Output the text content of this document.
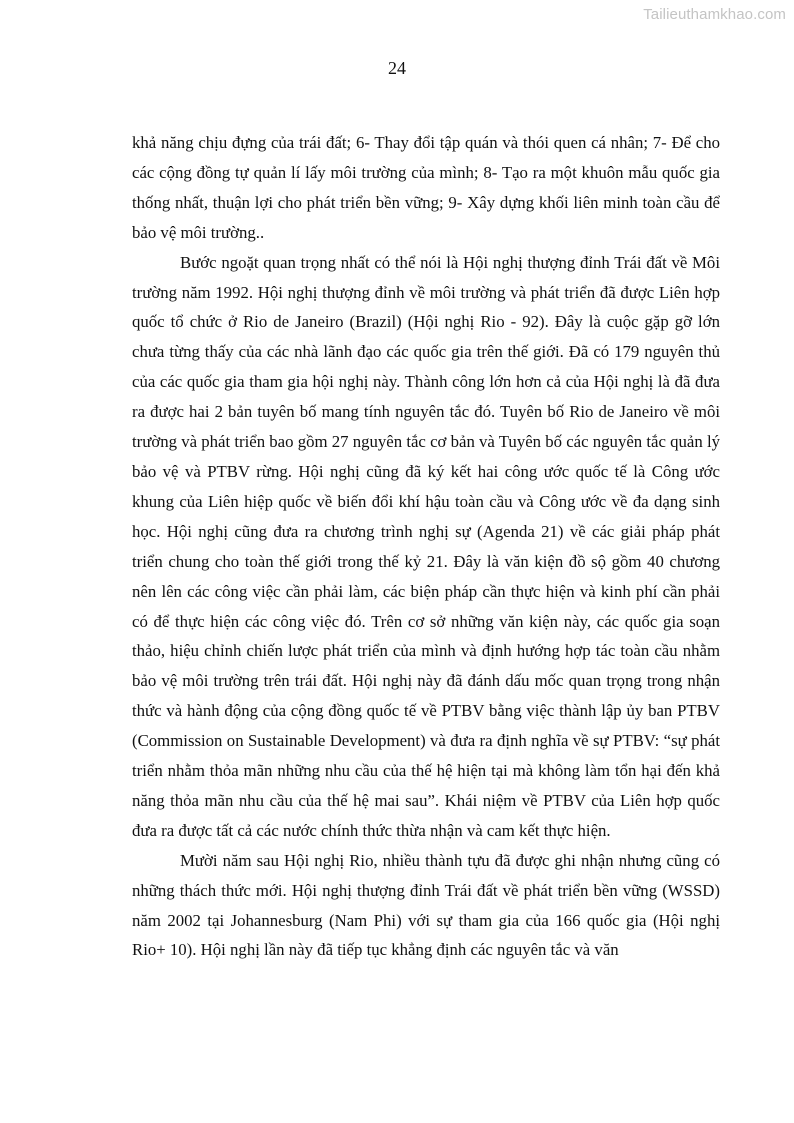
Tailieuthamkhao.com
24

khả năng chịu đựng của trái đất; 6- Thay đổi tập quán và thói quen cá nhân; 7- Để cho các cộng đồng tự quản lí lấy môi trường của mình; 8- Tạo ra một khuôn mẫu quốc gia thống nhất, thuận lợi cho phát triển bền vững; 9- Xây dựng khối liên minh toàn cầu để bảo vệ môi trường..

Bước ngoặt quan trọng nhất có thể nói là Hội nghị thượng đỉnh Trái đất về Môi trường năm 1992. Hội nghị thượng đỉnh về môi trường và phát triển đã được Liên hợp quốc tổ chức ở Rio de Janeiro (Brazil) (Hội nghị Rio - 92). Đây là cuộc gặp gỡ lớn chưa từng thấy của các nhà lãnh đạo các quốc gia trên thế giới. Đã có 179 nguyên thủ của các quốc gia tham gia hội nghị này. Thành công lớn hơn cả của Hội nghị là đã đưa ra được hai 2 bản tuyên bố mang tính nguyên tắc đó. Tuyên bố Rio de Janeiro về môi trường và phát triển bao gồm 27 nguyên tắc cơ bản và Tuyên bố các nguyên tắc quản lý bảo vệ và PTBV rừng. Hội nghị cũng đã ký kết hai công ước quốc tế là Công ước khung của Liên hiệp quốc về biến đổi khí hậu toàn cầu và Công ước về đa dạng sinh học. Hội nghị cũng đưa ra chương trình nghị sự (Agenda 21) về các giải pháp phát triển chung cho toàn thế giới trong thế kỷ 21. Đây là văn kiện đồ sộ gồm 40 chương nên lên các công việc cần phải làm, các biện pháp cần thực hiện và kinh phí cần phải có để thực hiện các công việc đó. Trên cơ sở những văn kiện này, các quốc gia soạn thảo, hiệu chỉnh chiến lược phát triển của mình và định hướng hợp tác toàn cầu nhằm bảo vệ môi trường trên trái đất. Hội nghị này đã đánh dấu mốc quan trọng trong nhận thức và hành động của cộng đồng quốc tế về PTBV bằng việc thành lập ủy ban PTBV (Commission on Sustainable Development) và đưa ra định nghĩa về sự PTBV: “sự phát triển nhằm thỏa mãn những nhu cầu của thế hệ hiện tại mà không làm tổn hại đến khả năng thỏa mãn nhu cầu của thế hệ mai sau”. Khái niệm về PTBV của Liên hợp quốc đưa ra được tất cả các nước chính thức thừa nhận và cam kết thực hiện.

Mười năm sau Hội nghị Rio, nhiều thành tựu đã được ghi nhận nhưng cũng có những thách thức mới. Hội nghị thượng đỉnh Trái đất về phát triển bền vững (WSSD) năm 2002 tại Johannesburg (Nam Phi) với sự tham gia của 166 quốc gia (Hội nghị Rio+ 10). Hội nghị lần này đã tiếp tục khẳng định các nguyên tắc và văn
